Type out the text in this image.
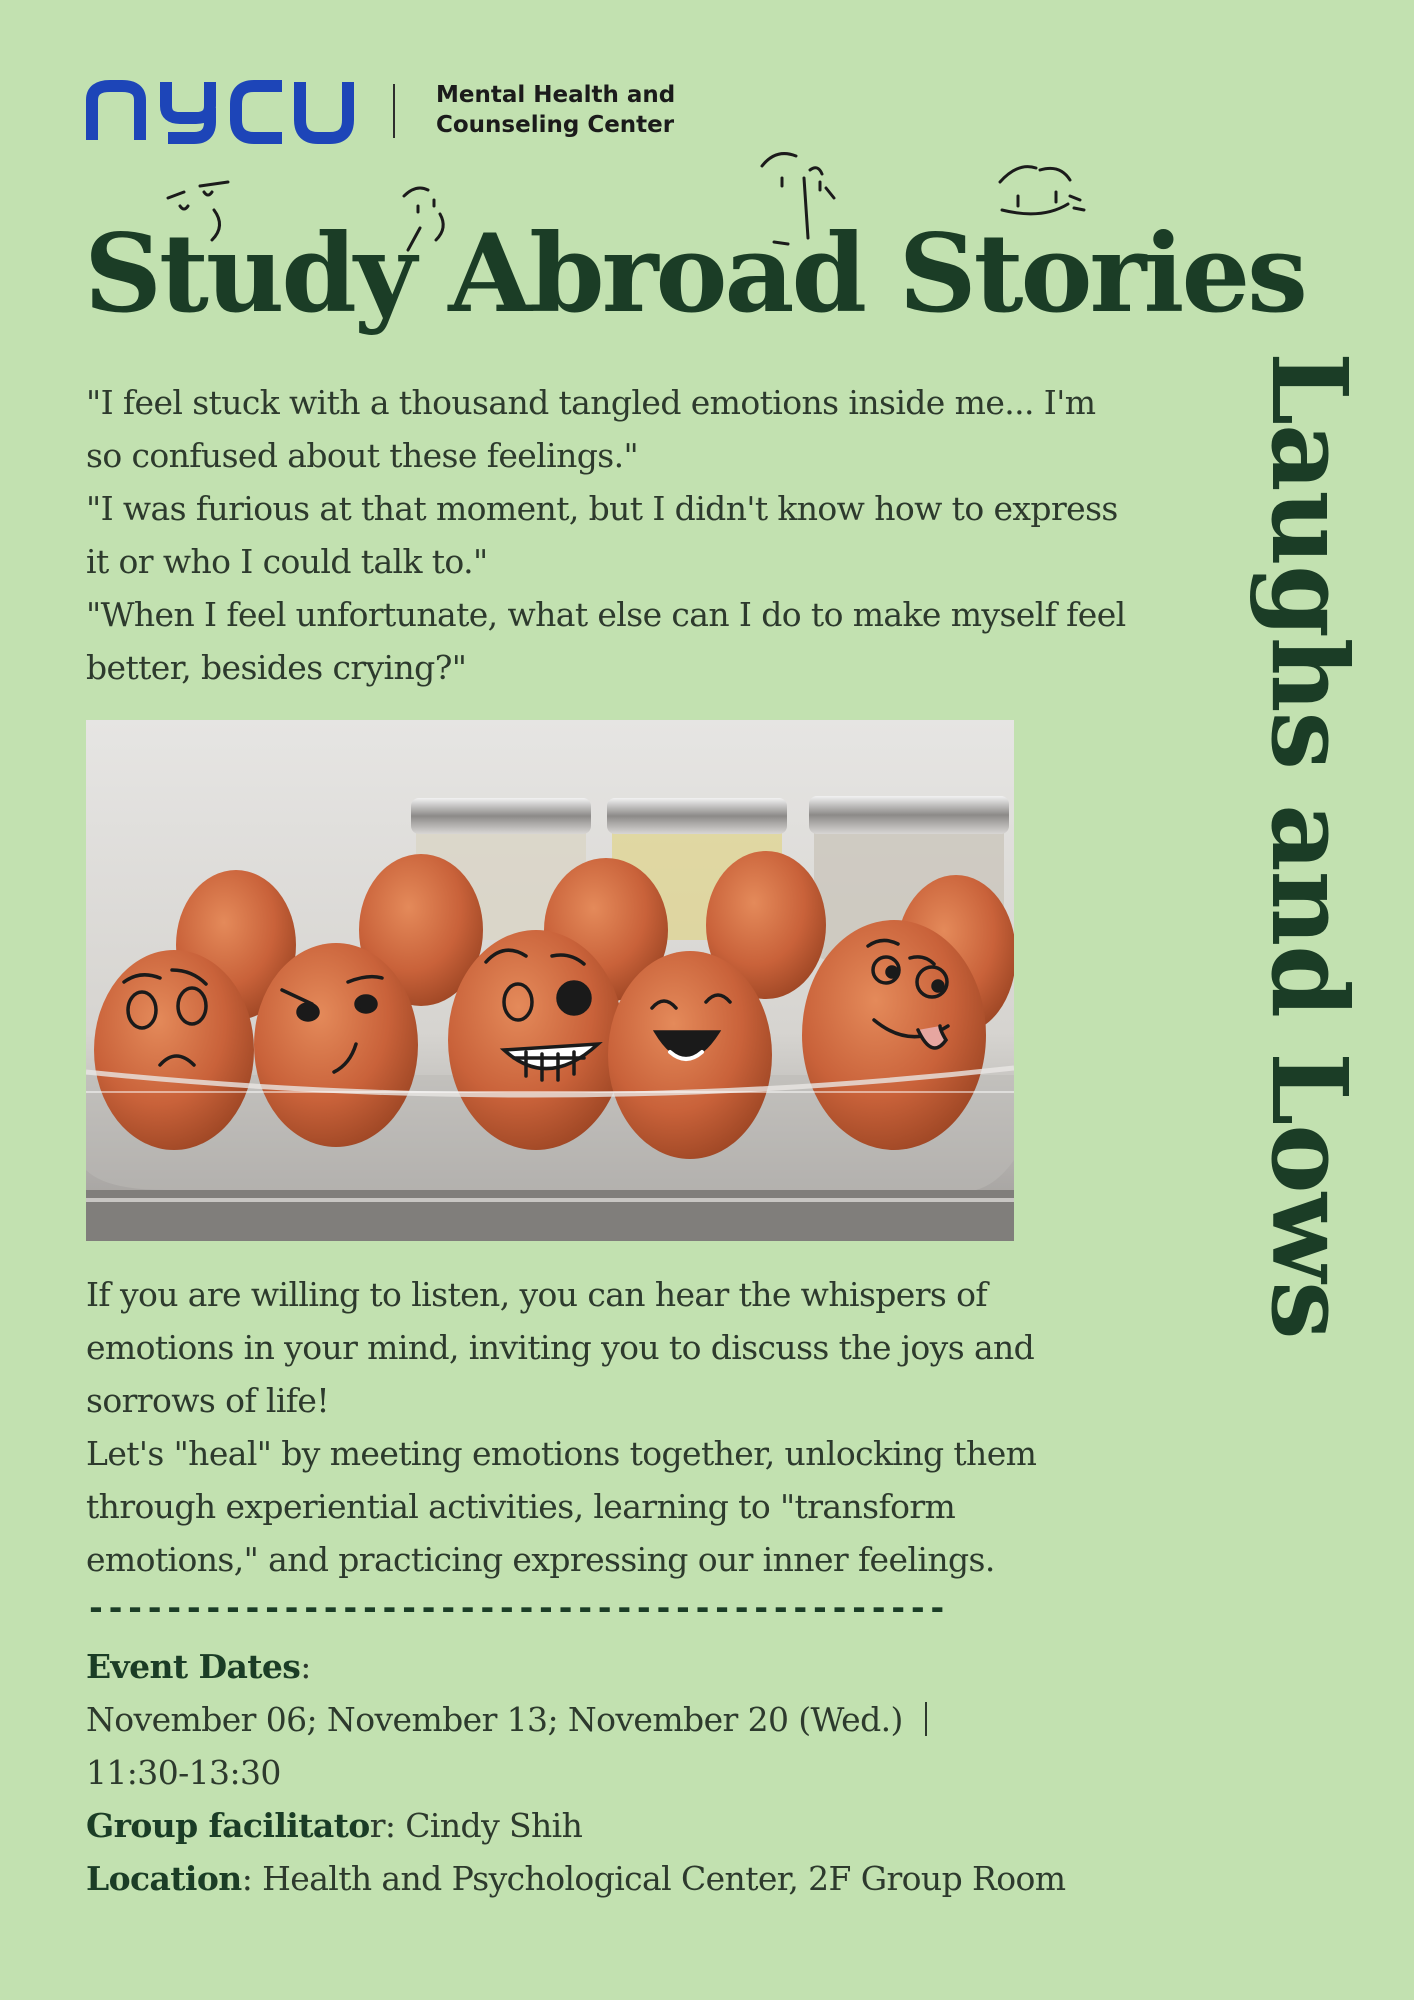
Mental Health and
Counseling Center
Study Abroad Stories
Laughs and Lows

"I feel stuck with a thousand tangled emotions inside me... I'm so confused about these feelings."

"I was furious at that moment, but I didn't know how to express it or who I could talk to."

"When I feel unfortunate, what else can I do to make myself feel better, besides crying?"

If you are willing to listen, you can hear the whispers of emotions in your mind, inviting you to discuss the joys and sorrows of life!

Let's "heal" by meeting emotions together, unlocking them through experiential activities, learning to "transform emotions," and practicing expressing our inner feelings.

--------------------------------------------

Event Dates:

November 06; November 13; November 20 (Wed.)

11:30-13:30

Group facilitator: Cindy Shih

Location: Health and Psychological Center, 2F Group Room
